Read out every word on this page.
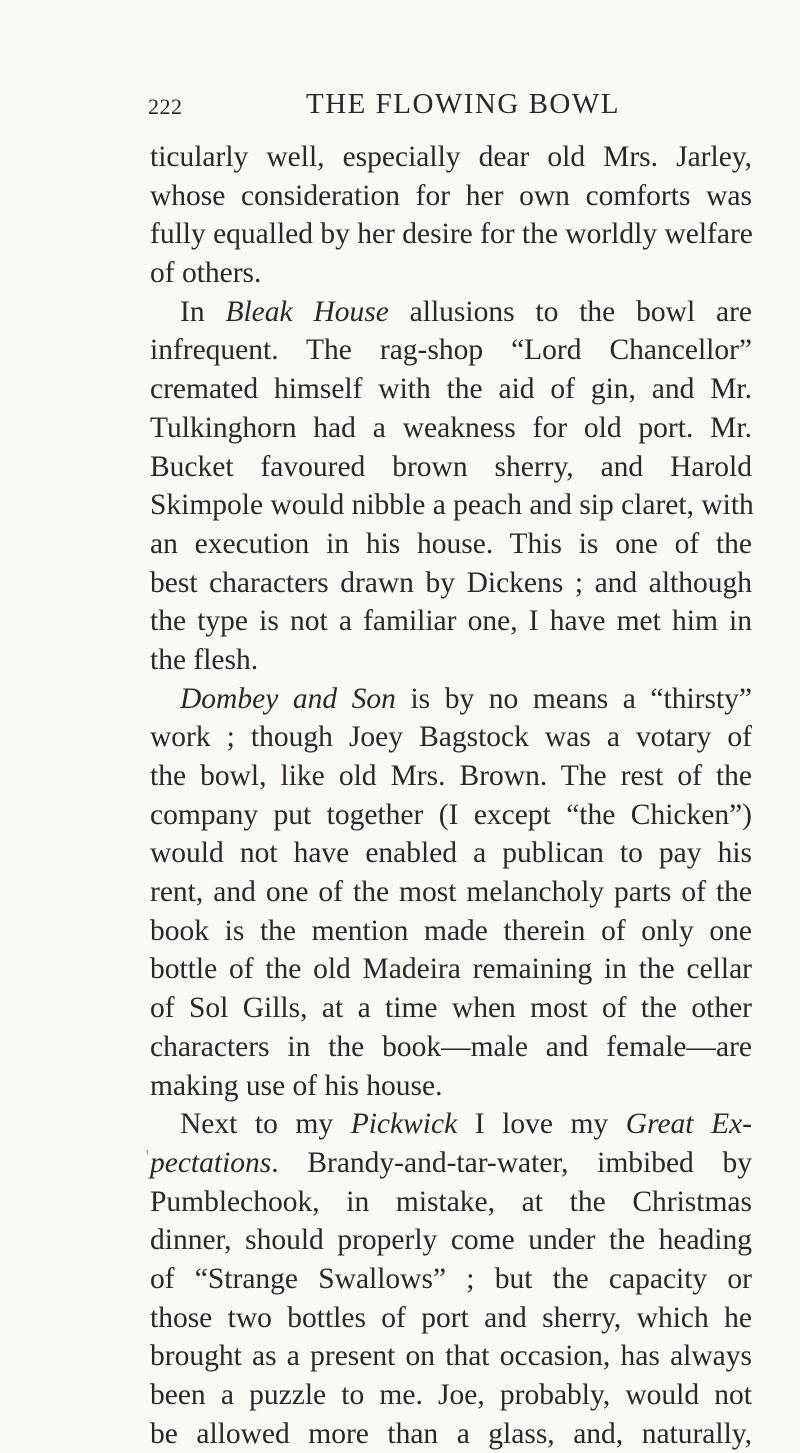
222	THE FLOWING BOWL
ticularly well, especially dear old Mrs. Jarley,
whose consideration for her own comforts was
fully equalled by her desire for the worldly welfare
of others.
In Bleak House allusions to the bowl are
infrequent. The rag-shop “Lord Chancellor”
cremated himself with the aid of gin, and Mr.
Tulkinghorn had a weakness for old port. Mr.
Bucket favoured brown sherry, and Harold
Skimpole would nibble a peach and sip claret, with
an execution in his house. This is one of the
best characters drawn by Dickens ; and although
the type is not a familiar one, I have met him in
the flesh.
Dombey and Son is by no means a “thirsty”
work ; though Joey Bagstock was a votary of
the bowl, like old Mrs. Brown. The rest of the
company put together (I except “the Chicken”)
would not have enabled a publican to pay his
rent, and one of the most melancholy parts of the
book is the mention made therein of only one
bottle of the old Madeira remaining in the cellar
of Sol Gills, at a time when most of the other
characters in the book—male and female—are
making use of his house.
Next to my Pickwick I love my Great Ex-
pectations. Brandy-and-tar-water, imbibed by
Pumblechook, in mistake, at the Christmas
dinner, should properly come under the heading
of “Strange Swallows” ; but the capacity or
those two bottles of port and sherry, which he
brought as a present on that occasion, has always
been a puzzle to me. Joe, probably, would not
be allowed more than a glass, and, naturally,
ꞌ
